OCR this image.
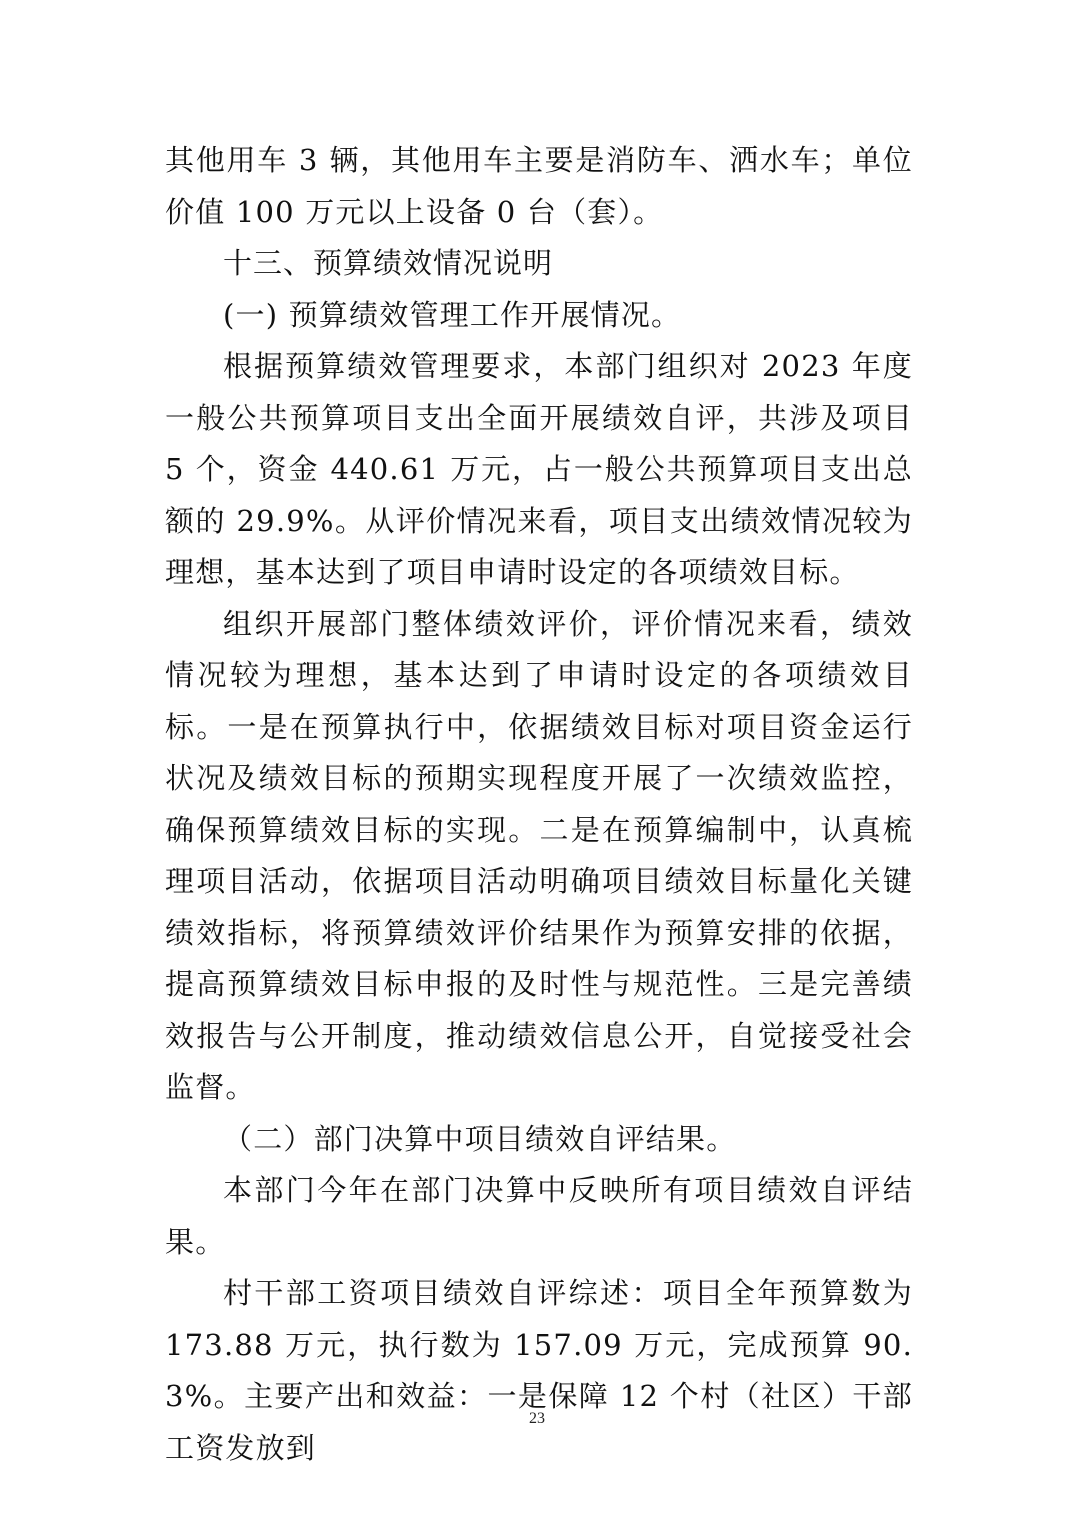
其他用车 3 辆，其他用车主要是消防车、洒水车；单位价值 100 万元以上设备 0 台（套）。

十三、预算绩效情况说明

(一) 预算绩效管理工作开展情况。

根据预算绩效管理要求，本部门组织对 2023 年度一般公共预算项目支出全面开展绩效自评，共涉及项目 5 个，资金 440.61 万元，占一般公共预算项目支出总额的 29.9%。从评价情况来看，项目支出绩效情况较为理想，基本达到了项目申请时设定的各项绩效目标。

组织开展部门整体绩效评价，评价情况来看，绩效情况较为理想，基本达到了申请时设定的各项绩效目标。一是在预算执行中，依据绩效目标对项目资金运行状况及绩效目标的预期实现程度开展了一次绩效监控，确保预算绩效目标的实现。二是在预算编制中，认真梳理项目活动，依据项目活动明确项目绩效目标量化关键绩效指标，将预算绩效评价结果作为预算安排的依据，提高预算绩效目标申报的及时性与规范性。三是完善绩效报告与公开制度，推动绩效信息公开，自觉接受社会监督。

（二）部门决算中项目绩效自评结果。

本部门今年在部门决算中反映所有项目绩效自评结果。

村干部工资项目绩效自评综述：项目全年预算数为 173.88 万元，执行数为 157.09 万元，完成预算 90.3%。主要产出和效益：一是保障 12 个村（社区）干部工资发放到

23
